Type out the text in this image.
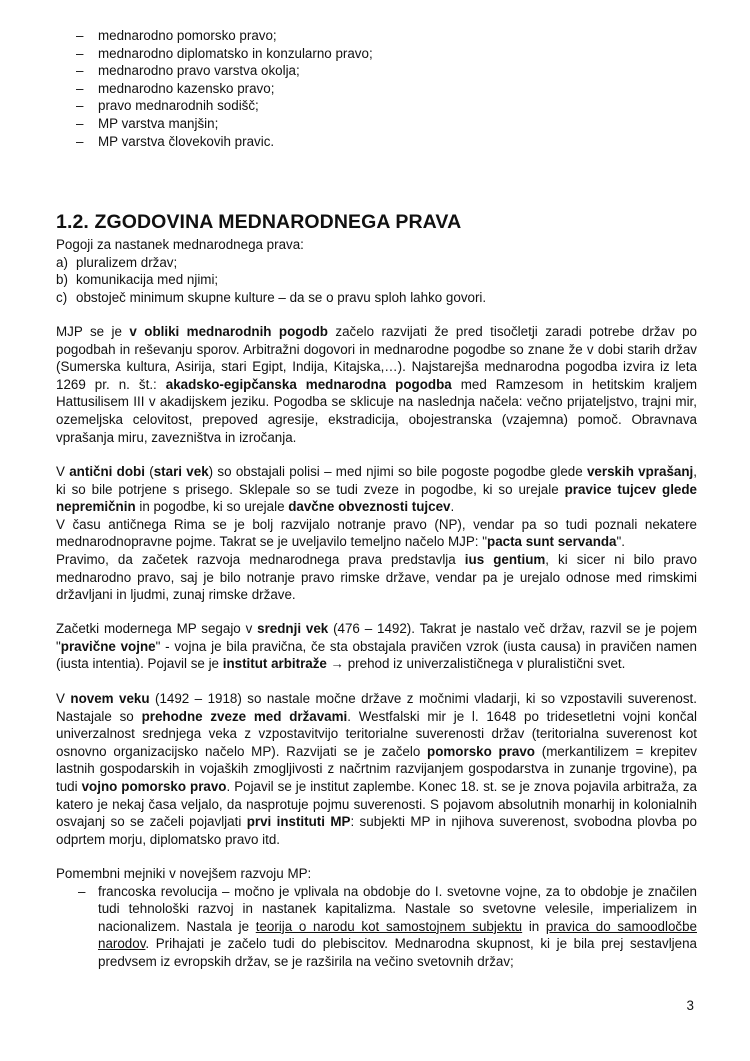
– mednarodno pomorsko pravo;
– mednarodno diplomatsko in konzularno pravo;
– mednarodno pravo varstva okolja;
– mednarodno kazensko pravo;
– pravo mednarodnih sodišč;
– MP varstva manjšin;
– MP varstva človekovih pravic.
1.2. ZGODOVINA MEDNARODNEGA PRAVA

Pogoji za nastanek mednarodnega prava:

a) pluralizem držav;
b) komunikacija med njimi;
c) obstoječ minimum skupne kulture – da se o pravu sploh lahko govori.

MJP se je v obliki mednarodnih pogodb začelo razvijati že pred tisočletji zaradi potrebe držav po pogodbah in reševanju sporov. Arbitražni dogovori in mednarodne pogodbe so znane že v dobi starih držav (Sumerska kultura, Asirija, stari Egipt, Indija, Kitajska,…). Najstarejša mednarodna pogodba izvira iz leta 1269 pr. n. št.: akadsko-egipčanska mednarodna pogodba med Ramzesom in hetitskim kraljem Hattusilisem III v akadijskem jeziku. Pogodba se sklicuje na naslednja načela: večno prijateljstvo, trajni mir, ozemeljska celovitost, prepoved agresije, ekstradicija, obojestranska (vzajemna) pomoč. Obravnava vprašanja miru, zavezništva in izročanja.

V antični dobi (stari vek) so obstajali polisi – med njimi so bile pogoste pogodbe glede verskih vprašanj, ki so bile potrjene s prisego. Sklepale so se tudi zveze in pogodbe, ki so urejale pravice tujcev glede nepremičnin in pogodbe, ki so urejale davčne obveznosti tujcev.

V času antičnega Rima se je bolj razvijalo notranje pravo (NP), vendar pa so tudi poznali nekatere mednarodnopravne pojme. Takrat se je uveljavilo temeljno načelo MJP: "pacta sunt servanda".

Pravimo, da začetek razvoja mednarodnega prava predstavlja ius gentium, ki sicer ni bilo pravo mednarodno pravo, saj je bilo notranje pravo rimske države, vendar pa je urejalo odnose med rimskimi državljani in ljudmi, zunaj rimske države.

Začetki modernega MP segajo v srednji vek (476 – 1492). Takrat je nastalo več držav, razvil se je pojem "pravične vojne" - vojna je bila pravična, če sta obstajala pravičen vzrok (iusta causa) in pravičen namen (iusta intentia). Pojavil se je institut arbitraže → prehod iz univerzalističnega v pluralistični svet.

V novem veku (1492 – 1918) so nastale močne države z močnimi vladarji, ki so vzpostavili suverenost. Nastajale so prehodne zveze med državami. Westfalski mir je l. 1648 po tridesetletni vojni končal univerzalnost srednjega veka z vzpostavitvijo teritorialne suverenosti držav (teritorialna suverenost kot osnovno organizacijsko načelo MP). Razvijati se je začelo pomorsko pravo (merkantilizem = krepitev lastnih gospodarskih in vojaških zmogljivosti z načrtnim razvijanjem gospodarstva in zunanje trgovine), pa tudi vojno pomorsko pravo. Pojavil se je institut zaplembe. Konec 18. st. se je znova pojavila arbitraža, za katero je nekaj časa veljalo, da nasprotuje pojmu suverenosti. S pojavom absolutnih monarhij in kolonialnih osvajanj so se začeli pojavljati prvi instituti MP: subjekti MP in njihova suverenost, svobodna plovba po odprtem morju, diplomatsko pravo itd.

Pomembni mejniki v novejšem razvoju MP:

– francoska revolucija – močno je vplivala na obdobje do I. svetovne vojne, za to obdobje je značilen tudi tehnološki razvoj in nastanek kapitalizma. Nastale so svetovne velesile, imperializem in nacionalizem. Nastala je teorija o narodu kot samostojnem subjektu in pravica do samoodločbe narodov. Prihajati je začelo tudi do plebiscitov. Mednarodna skupnost, ki je bila prej sestavljena predvsem iz evropskih držav, se je razširila na večino svetovnih držav;
3
